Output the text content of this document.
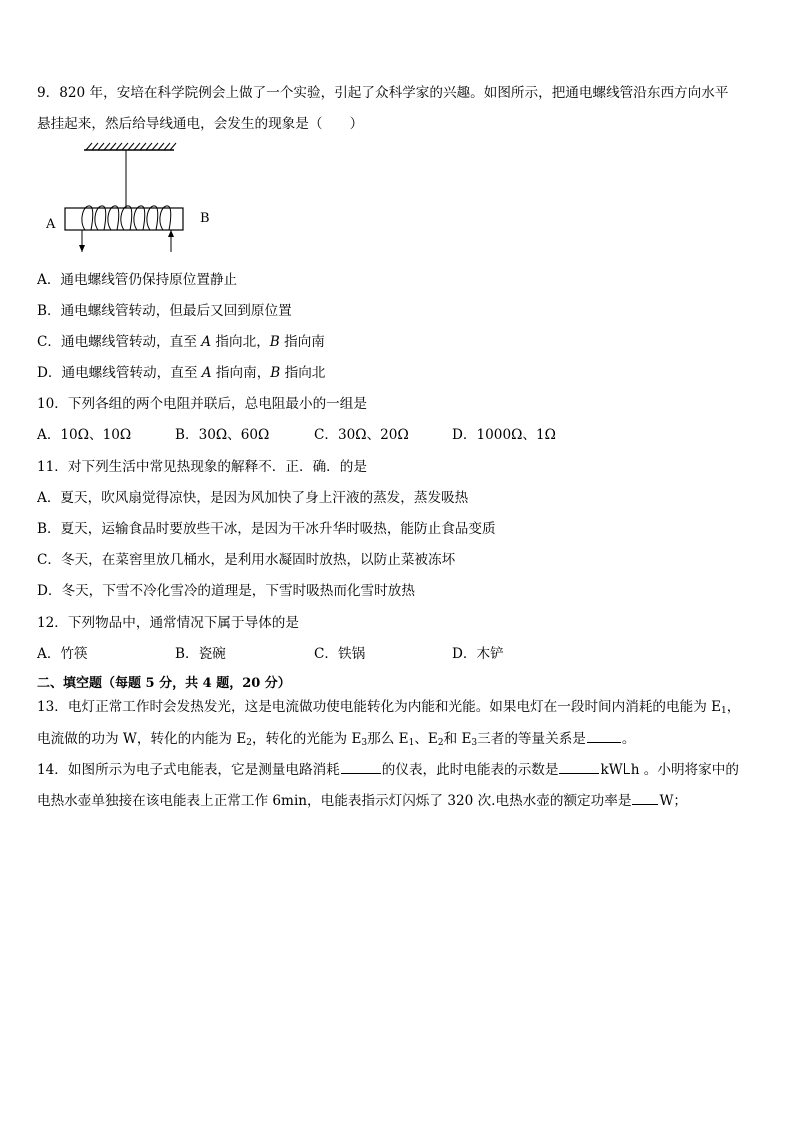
9．820 年，安培在科学院例会上做了一个实验，引起了众科学家的兴趣。如图所示，把通电螺线管沿东西方向水平
悬挂起来，然后给导线通电，会发生的现象是（　　）
A	B
A．通电螺线管仍保持原位置静止
B．通电螺线管转动，但最后又回到原位置
C．通电螺线管转动，直至 A 指向北，B 指向南
D．通电螺线管转动，直至 A 指向南，B 指向北
10．下列各组的两个电阻并联后，总电阻最小的一组是
A．10Ω、10Ω	B．30Ω、60Ω	C．30Ω、20Ω	D．1000Ω、1Ω
11．对下列生活中常见热现象的解释不．正．确．的是
A．夏天，吹风扇觉得凉快，是因为风加快了身上汗液的蒸发，蒸发吸热
B．夏天，运输食品时要放些干冰，是因为干冰升华时吸热，能防止食品变质
C．冬天，在菜窖里放几桶水，是利用水凝固时放热，以防止菜被冻坏
D．冬天，下雪不冷化雪冷的道理是，下雪时吸热而化雪时放热
12．下列物品中，通常情况下属于导体的是
A．竹筷	B．瓷碗	C．铁锅	D．木铲
二、填空题（每题 5 分，共 4 题，20 分）
13．电灯正常工作时会发热发光，这是电流做功使电能转化为内能和光能。如果电灯在一段时间内消耗的电能为 $E_1$，
电流做的功为 W，转化的内能为 $E_2$，转化的光能为 $E_3$那么 $E_1$、$E_2$和 $E_3$三者的等量关系是	。
14．如图所示为电子式电能表，它是测量电路消耗	的仪表，此时电能表的示数是	kW h 。小明将家中的
电热水壶单独接在该电能表上正常工作 6min，电能表指示灯闪烁了 320 次.电热水壶的额定功率是 W；
